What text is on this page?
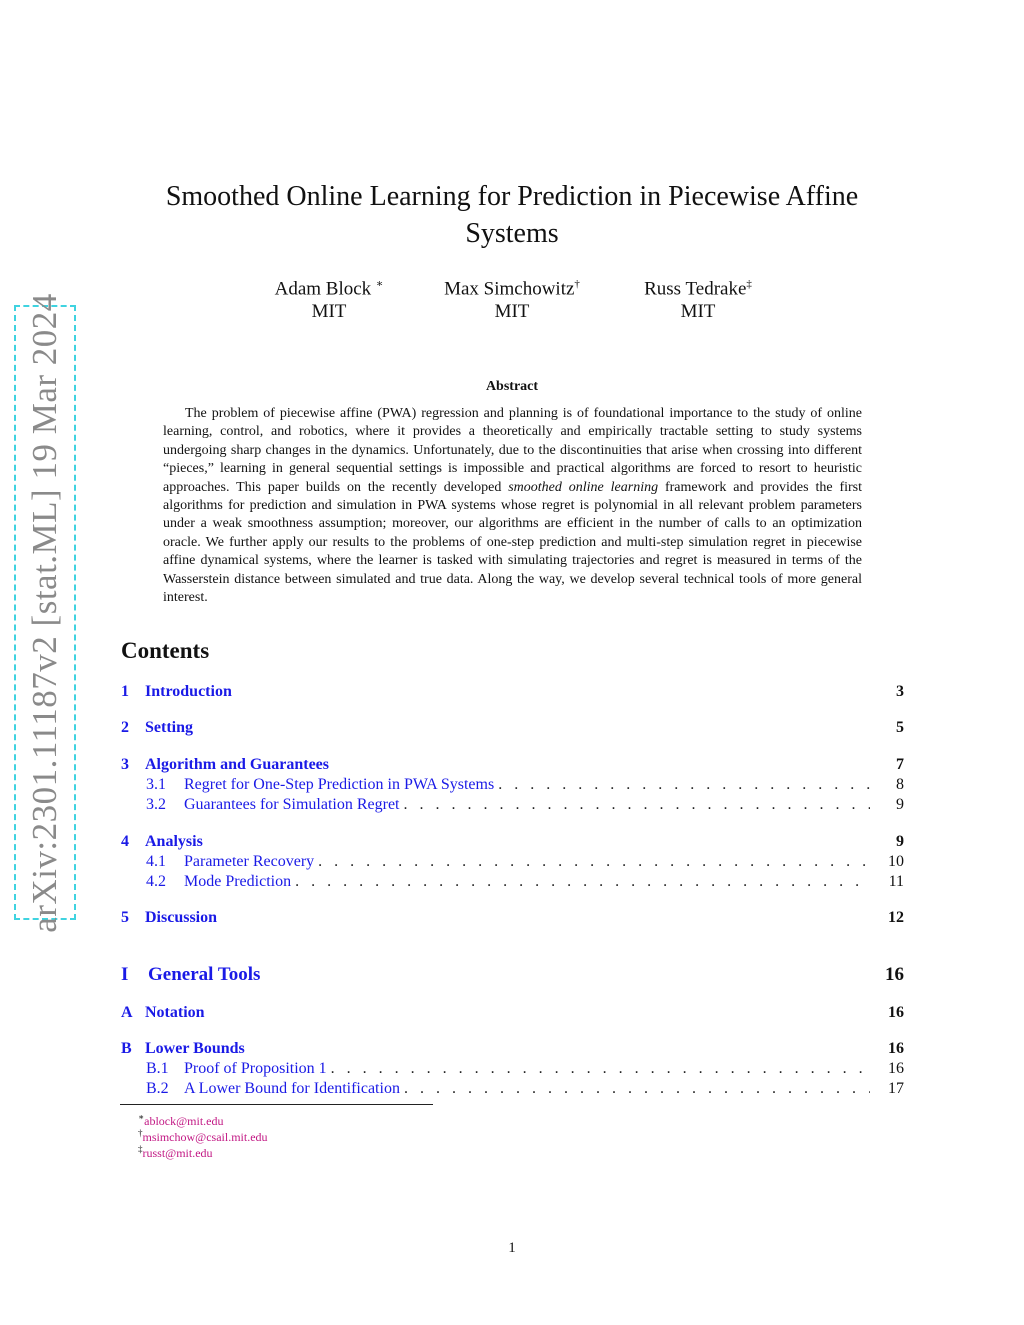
arXiv:2301.11187v2 [stat.ML] 19 Mar 2024
Smoothed Online Learning for Prediction in Piecewise Affine Systems
Adam Block ∗
MIT
Max Simchowitz†
MIT
Russ Tedrake‡
MIT
Abstract
The problem of piecewise affine (PWA) regression and planning is of foundational importance to the study of online learning, control, and robotics, where it provides a theoretically and empirically tractable setting to study systems undergoing sharp changes in the dynamics. Unfortunately, due to the discontinuities that arise when crossing into different “pieces,” learning in general sequential settings is impossible and practical algorithms are forced to resort to heuristic approaches. This paper builds on the recently developed smoothed online learning framework and provides the first algorithms for prediction and simulation in PWA systems whose regret is polynomial in all relevant problem parameters under a weak smoothness assumption; moreover, our algorithms are efficient in the number of calls to an optimization oracle. We further apply our results to the problems of one-step prediction and multi-step simulation regret in piecewise affine dynamical systems, where the learner is tasked with simulating trajectories and regret is measured in terms of the Wasserstein distance between simulated and true data. Along the way, we develop several technical tools of more general interest.
Contents
1	Introduction	3
2	Setting	5
3	Algorithm and Guarantees	7
3.1	Regret for One-Step Prediction in PWA Systems . . .	8
3.2	Guarantees for Simulation Regret . . .	9
4	Analysis	9
4.1	Parameter Recovery . . .	10
4.2	Mode Prediction . . .	11
5	Discussion	12
I	General Tools	16
A Notation	16
B Lower Bounds	16
B.1 Proof of Proposition 1 . . .	16
B.2 A Lower Bound for Identification . . .	17
∗ablock@mit.edu
†msimchow@csail.mit.edu
‡russt@mit.edu
1
